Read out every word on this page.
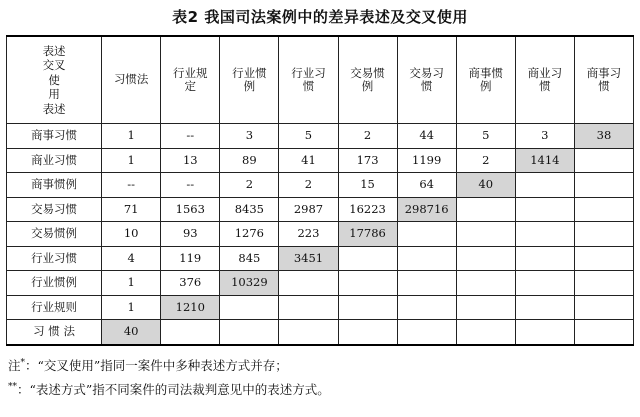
表2 我国司法案例中的差异表述及交叉使用
表述
交叉
使
用
表述	习惯法	行业规定	行业惯例	行业习惯	交易惯例	交易习惯	商事惯例	商业习惯	商事习惯
商事习惯	1	--	3	5	2	44	5	3	38
商业习惯	1	13	89	41	173	1199	2	1414	
商事惯例	--	--	2	2	15	64	40		
交易习惯	71	1563	8435	2987	16223	298716			
交易惯例	10	93	1276	223	17786				
行业习惯	4	119	845	3451					
行业惯例	1	376	10329						
行业规则	1	1210							
习 惯 法	40								
注*：“交叉使用”指同一案件中多种表述方式并存；
**：“表述方式”指不同案件的司法裁判意见中的表述方式。
